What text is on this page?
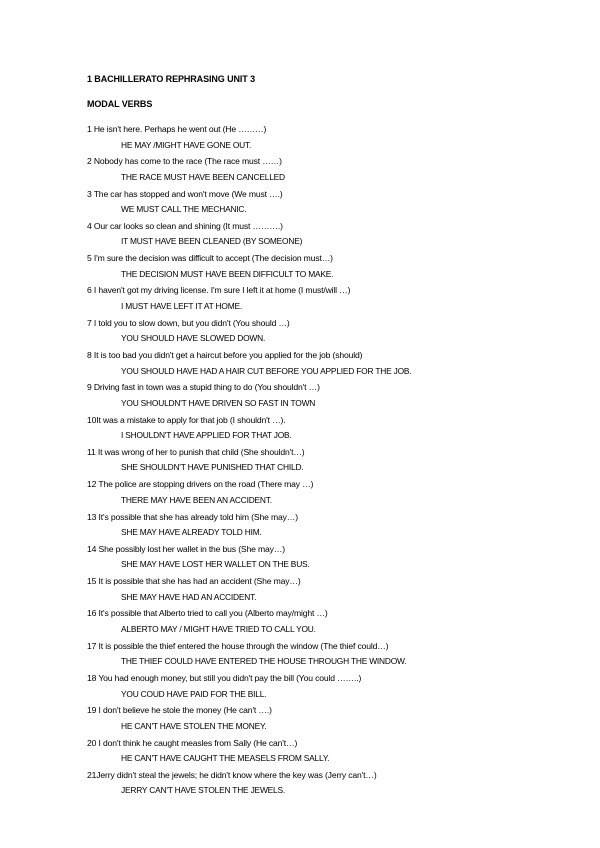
1 BACHILLERATO REPHRASING UNIT 3
MODAL VERBS
1 He isn't here. Perhaps he went out (He ………)
HE MAY /MIGHT HAVE GONE OUT.
2 Nobody has come to the race (The race must ……)
THE RACE MUST HAVE BEEN CANCELLED
3 The car has stopped and won't move (We must ….)
WE MUST CALL THE MECHANIC.
4 Our car looks so clean and shining (It must ……….)
IT MUST HAVE BEEN CLEANED (BY SOMEONE)
5 I'm sure the decision was difficult to accept (The decision must…)
THE DECISION MUST HAVE BEEN DIFFICULT TO MAKE.
6 I haven't got my driving license. I'm sure I left it at home (I must/will …)
I MUST HAVE LEFT IT AT HOME.
7 I told you to slow down, but you didn't (You should …)
YOU SHOULD HAVE SLOWED DOWN.
8 It is too bad you didn't get a haircut before you applied for the job (should)
YOU SHOULD HAVE HAD A HAIR CUT BEFORE YOU APPLIED FOR THE JOB.
9 Driving fast in town was a stupid thing to do (You shouldn't …)
YOU SHOULDN'T HAVE DRIVEN SO FAST IN TOWN
10It was a mistake to apply for that job (I shouldn't …).
I SHOULDN'T HAVE APPLIED FOR THAT JOB.
11 It was wrong of her to punish that child (She shouldn't…)
SHE SHOULDN'T HAVE PUNISHED THAT CHILD.
12 The police are stopping drivers on the road (There may …)
THERE MAY HAVE BEEN AN ACCIDENT.
13 It's possible that she has already told him (She may…)
SHE MAY HAVE ALREADY TOLD HIM.
14 She possibly lost her wallet in the bus (She may…)
SHE MAY HAVE LOST HER WALLET ON THE BUS.
15 It is possible that she has had an accident (She may…)
SHE MAY HAVE HAD AN ACCIDENT.
16 It's possible that Alberto tried to call you (Alberto may/might …)
ALBERTO MAY / MIGHT HAVE TRIED TO CALL YOU.
17 It is possible the thief entered the house through the window (The thief could…)
THE THIEF COULD HAVE ENTERED THE HOUSE THROUGH THE WINDOW.
18 You had enough money, but still you didn't pay the bill (You could ……..)
YOU COUD HAVE PAID FOR THE BILL.
19 I don't believe he stole the money (He can't ….)
HE CAN'T HAVE STOLEN THE MONEY.
20 I don't think he caught measles from Sally (He can't…)
HE CAN'T HAVE CAUGHT THE MEASELS FROM SALLY.
21Jerry didn't steal the jewels; he didn't know where the key was (Jerry can't…)
JERRY CAN'T HAVE STOLEN THE JEWELS.
